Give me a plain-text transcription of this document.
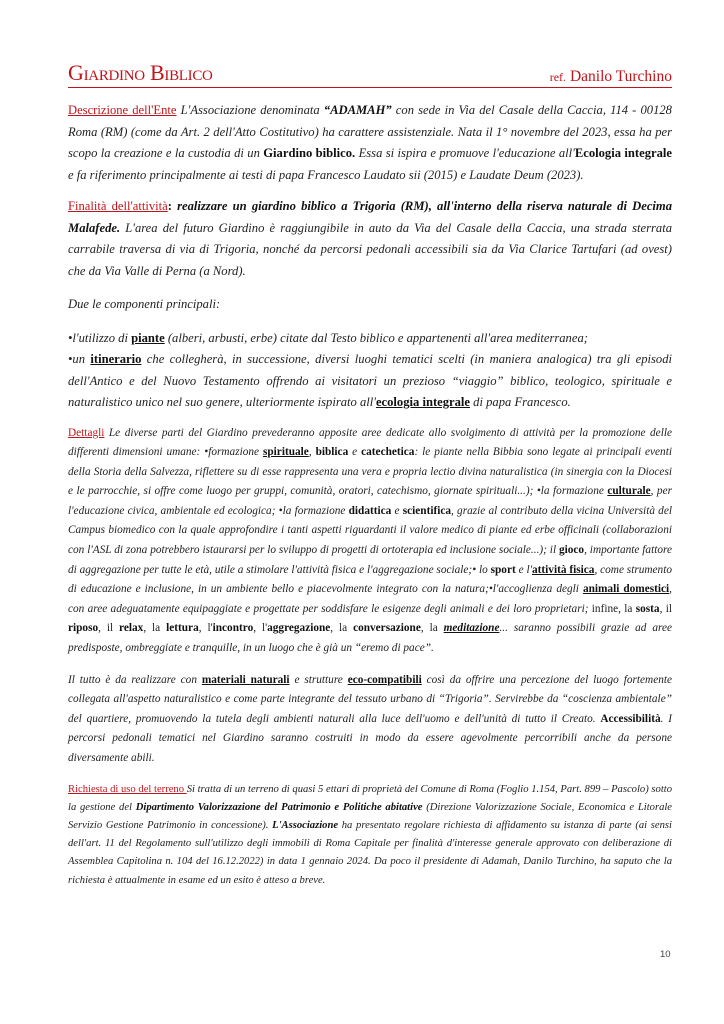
Giardino Biblico	ref. Danilo Turchino

Descrizione dell'Ente L'Associazione denominata “ADAMAH” con sede in Via del Casale della Caccia, 114 - 00128 Roma (RM) (come da Art. 2 dell'Atto Costitutivo) ha carattere assistenziale. Nata il 1° novembre del 2023, essa ha per scopo la creazione e la custodia di un Giardino biblico. Essa si ispira e promuove l'educazione all'Ecologia integrale e fa riferimento principalmente ai testi di papa Francesco Laudato sii (2015) e Laudate Deum (2023).

Finalità dell'attività: realizzare un giardino biblico a Trigoria (RM), all'interno della riserva naturale di Decima Malafede. L'area del futuro Giardino è raggiungibile in auto da Via del Casale della Caccia, una strada sterrata carrabile traversa di via di Trigoria, nonché da percorsi pedonali accessibili sia da Via Clarice Tartufari (ad ovest) che da Via Valle di Perna (a Nord).

Due le componenti principali:

•l'utilizzo di piante (alberi, arbusti, erbe) citate dal Testo biblico e appartenenti all'area mediterranea;

•un itinerario che collegherà, in successione, diversi luoghi tematici scelti (in maniera analogica) tra gli episodi dell'Antico e del Nuovo Testamento offrendo ai visitatori un prezioso “viaggio” biblico, teologico, spirituale e naturalistico unico nel suo genere, ulteriormente ispirato all'ecologia integrale di papa Francesco.

Dettagli Le diverse parti del Giardino prevederanno apposite aree dedicate allo svolgimento di attività per la promozione delle differenti dimensioni umane: •formazione spirituale, biblica e catechetica: le piante nella Bibbia sono legate ai principali eventi della Storia della Salvezza, riflettere su di esse rappresenta una vera e propria lectio divina naturalistica (in sinergia con la Diocesi e le parrocchie, si offre come luogo per gruppi, comunità, oratori, catechismo, giornate spirituali...); •la formazione culturale, per l'educazione civica, ambientale ed ecologica; •la formazione didattica e scientifica, grazie al contributo della vicina Università del Campus biomedico con la quale approfondire i tanti aspetti riguardanti il valore medico di piante ed erbe officinali (collaborazioni con l'ASL di zona potrebbero istaurarsi per lo sviluppo di progetti di ortoterapia ed inclusione sociale...); il gioco, importante fattore di aggregazione per tutte le età, utile a stimolare l'attività fisica e l'aggregazione sociale;• lo sport e l'attività fisica, come strumento di educazione e inclusione, in un ambiente bello e piacevolmente integrato con la natura;•l'accoglienza degli animali domestici, con aree adeguatamente equipaggiate e progettate per soddisfare le esigenze degli animali e dei loro proprietari; infine, la sosta, il riposo, il relax, la lettura, l'incontro, l'aggregazione, la conversazione, la meditazione... saranno possibili grazie ad aree predisposte, ombreggiate e tranquille, in un luogo che è già un “eremo di pace”.

Il tutto è da realizzare con materiali naturali e strutture eco-compatibili così da offrire una percezione del luogo fortemente collegata all'aspetto naturalistico e come parte integrante del tessuto urbano di “Trigoria”. Servirebbe da “coscienza ambientale” del quartiere, promuovendo la tutela degli ambienti naturali alla luce dell'uomo e dell'unità di tutto il Creato. Accessibilità. I percorsi pedonali tematici nel Giardino saranno costruiti in modo da essere agevolmente percorribili anche da persone diversamente abili.

Richiesta di uso del terreno Si tratta di un terreno di quasi 5 ettari di proprietà del Comune di Roma (Foglio 1.154, Part. 899 – Pascolo) sotto la gestione del Dipartimento Valorizzazione del Patrimonio e Politiche abitative (Direzione Valorizzazione Sociale, Economica e Litorale Servizio Gestione Patrimonio in concessione). L'Associazione ha presentato regolare richiesta di affidamento su istanza di parte (ai sensi dell'art. 11 del Regolamento sull'utilizzo degli immobili di Roma Capitale per finalità d'interesse generale approvato con deliberazione di Assemblea Capitolina n. 104 del 16.12.2022) in data 1 gennaio 2024. Da poco il presidente di Adamah, Danilo Turchino, ha saputo che la richiesta è attualmente in esame ed un esito è atteso a breve.

10
